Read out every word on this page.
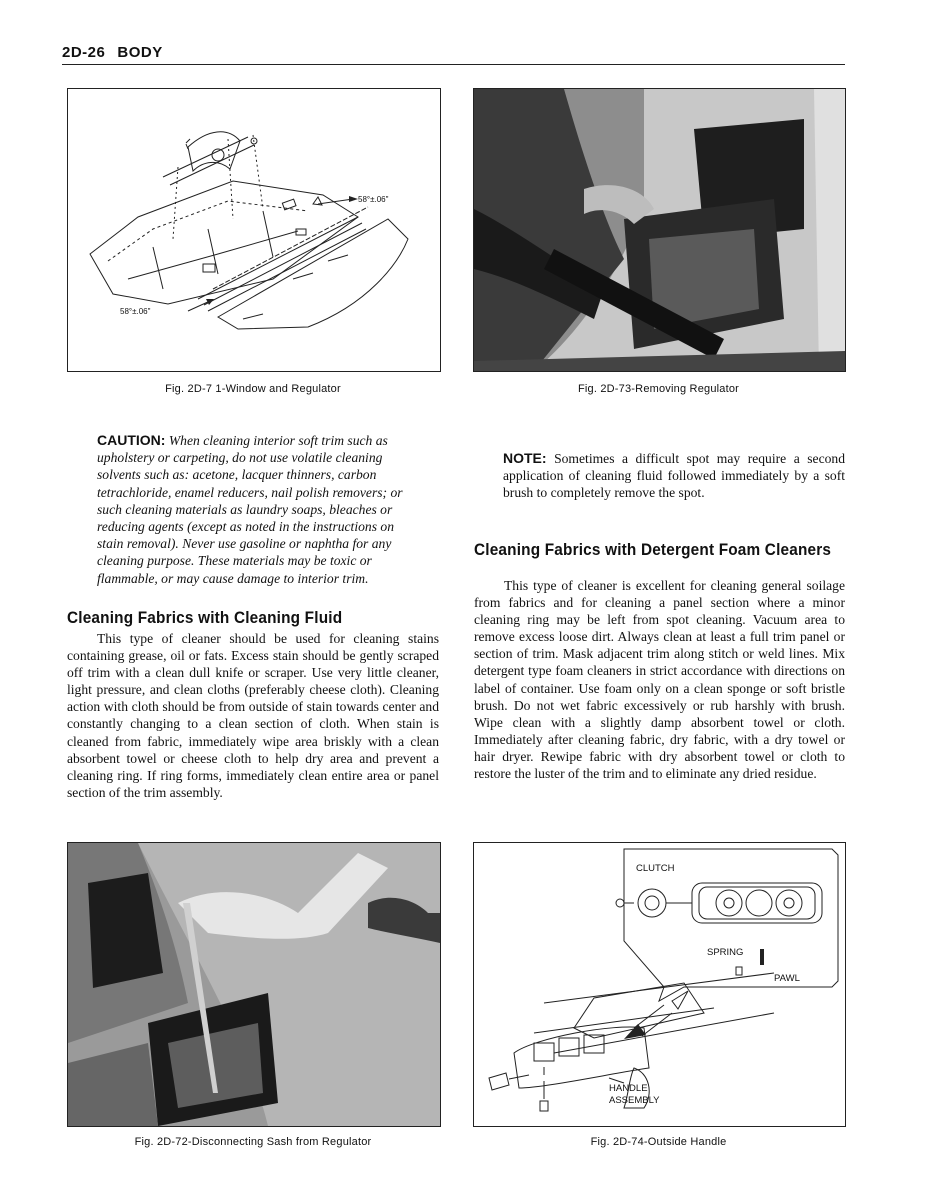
2D-26 BODY
58°±.06"
58°±.06"
Fig. 2D-7 1-Window and Regulator	Fig. 2D-73-Removing Regulator
CAUTION: When cleaning interior soft trim such as upholstery or carpeting, do not use volatile cleaning solvents such as: acetone, lacquer thinners, carbon tetrachloride, enamel reducers, nail polish removers; or such cleaning materials as laundry soaps, bleaches or reducing agents (except as noted in the instructions on stain removal). Never use gasoline or naphtha for any cleaning purpose. These materials may be toxic or flammable, or may cause damage to interior trim.
Cleaning Fabrics with Cleaning Fluid

This type of cleaner should be used for cleaning stains containing grease, oil or fats. Excess stain should be gently scraped off trim with a clean dull knife or scraper. Use very little cleaner, light pressure, and clean cloths (preferably cheese cloth). Cleaning action with cloth should be from outside of stain towards center and constantly changing to a clean section of cloth. When stain is cleaned from fabric, immediately wipe area briskly with a clean absorbent towel or cheese cloth to help dry area and prevent a cleaning ring. If ring forms, immediately clean entire area or panel section of the trim assembly.

NOTE: Sometimes a difficult spot may require a second application of cleaning fluid followed immediately by a soft brush to completely remove the spot.
Cleaning Fabrics with Detergent Foam Cleaners

This type of cleaner is excellent for cleaning general soilage from fabrics and for cleaning a panel section where a minor cleaning ring may be left from spot cleaning. Vacuum area to remove excess loose dirt. Always clean at least a full trim panel or section of trim. Mask adjacent trim along stitch or weld lines. Mix detergent type foam cleaners in strict accordance with directions on label of container. Use foam only on a clean sponge or soft bristle brush. Do not wet fabric excessively or rub harshly with brush. Wipe clean with a slightly damp absorbent towel or cloth. Immediately after cleaning fabric, dry fabric, with a dry towel or hair dryer. Rewipe fabric with dry absorbent towel or cloth to restore the luster of the trim and to eliminate any dried residue.

Fig. 2D-72-Disconnecting Sash from Regulator
CLUTCH
SPRING
PAWL
HANDLE
ASSEMBLY
Fig. 2D-74-Outside Handle
